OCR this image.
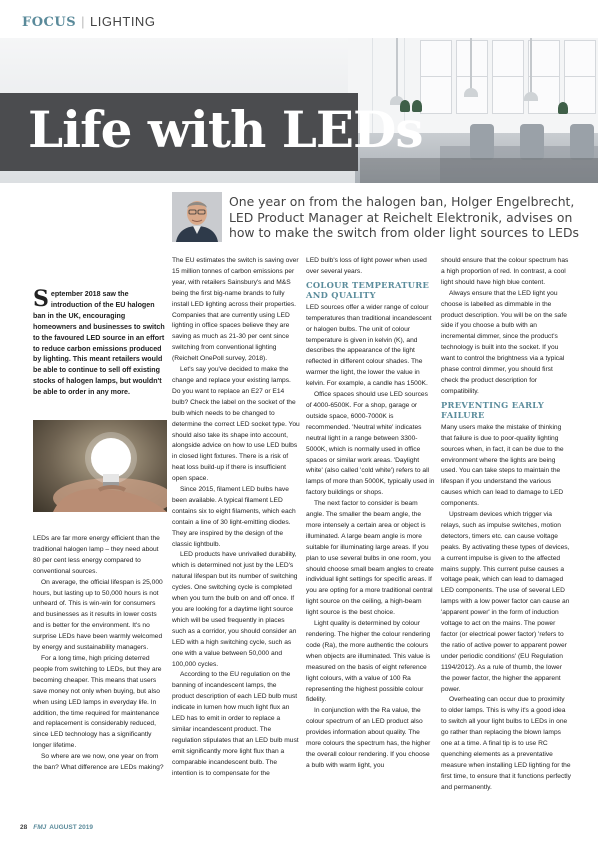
FOCUS | LIGHTING
Life with LEDs
One year on from the halogen ban, Holger Engelbrecht, LED Product Manager at Reichelt Elektronik, advises on how to make the switch from older light sources to LEDs
September 2018 saw the introduction of the EU halogen ban in the UK, encouraging homeowners and businesses to switch to the favoured LED source in an effort to reduce carbon emissions produced by lighting. This meant retailers would be able to continue to sell off existing stocks of halogen lamps, but wouldn't be able to order in any more.

LEDs are far more energy efficient than the traditional halogen lamp – they need about 80 per cent less energy compared to conventional sources.

On average, the official lifespan is 25,000 hours, but lasting up to 50,000 hours is not unheard of. This is win-win for consumers and businesses as it results in lower costs and is better for the environment. It's no surprise LEDs have been warmly welcomed by energy and sustainability managers.

For a long time, high pricing deterred people from switching to LEDs, but they are becoming cheaper. This means that users save money not only when buying, but also when using LED lamps in everyday life. In addition, the time required for maintenance and replacement is considerably reduced, since LED technology has a significantly longer lifetime.

So where are we now, one year on from the ban? What difference are LEDs making?

The EU estimates the switch is saving over 15 million tonnes of carbon emissions per year, with retailers Sainsbury's and M&S being the first big-name brands to fully install LED lighting across their properties. Companies that are currently using LED lighting in office spaces believe they are saving as much as 21-30 per cent since switching from conventional lighting (Reichelt OnePoll survey, 2018).

Let's say you've decided to make the change and replace your existing lamps. Do you want to replace an E27 or E14 bulb? Check the label on the socket of the bulb which needs to be changed to determine the correct LED socket type. You should also take its shape into account, alongside advice on how to use LED bulbs in closed light fixtures. There is a risk of heat loss build-up if there is insufficient open space.

Since 2015, filament LED bulbs have been available. A typical filament LED contains six to eight filaments, which each contain a line of 30 light-emitting diodes. They are inspired by the design of the classic lightbulb.

LED products have unrivalled durability, which is determined not just by the LED's natural lifespan but its number of switching cycles. One switching cycle is completed when you turn the bulb on and off once. If you are looking for a daytime light source which will be used frequently in places such as a corridor, you should consider an LED with a high switching cycle, such as one with a value between 50,000 and 100,000 cycles.

According to the EU regulation on the banning of incandescent lamps, the product description of each LED bulb must indicate in lumen how much light flux an LED has to emit in order to replace a similar incandescent product. The regulation stipulates that an LED bulb must emit significantly more light flux than a comparable incandescent bulb. The intention is to compensate for the

LED bulb's loss of light power when used over several years.

COLOUR TEMPERATURE AND QUALITY

LED sources offer a wider range of colour temperatures than traditional incandescent or halogen bulbs. The unit of colour temperature is given in kelvin (K), and describes the appearance of the light reflected in different colour shades. The warmer the light, the lower the value in kelvin. For example, a candle has 1500K.

Office spaces should use LED sources of 4000-6500K. For a shop, garage or outside space, 6000-7000K is recommended. 'Neutral white' indicates neutral light in a range between 3300-5000K, which is normally used in office spaces or similar work areas. 'Daylight white' (also called 'cold white') refers to all lamps of more than 5000K, typically used in factory buildings or shops.

The next factor to consider is beam angle. The smaller the beam angle, the more intensely a certain area or object is illuminated. A large beam angle is more suitable for illuminating large areas. If you plan to use several bulbs in one room, you should choose small beam angles to create individual light settings for specific areas. If you are opting for a more traditional central light source on the ceiling, a high-beam light source is the best choice.

Light quality is determined by colour rendering. The higher the colour rendering code (Ra), the more authentic the colours when objects are illuminated. This value is measured on the basis of eight reference light colours, with a value of 100 Ra representing the highest possible colour fidelity.

In conjunction with the Ra value, the colour spectrum of an LED product also provides information about quality. The more colours the spectrum has, the higher the overall colour rendering. If you choose a bulb with warm light, you

should ensure that the colour spectrum has a high proportion of red. In contrast, a cool light should have high blue content.

Always ensure that the LED light you choose is labelled as dimmable in the product description. You will be on the safe side if you choose a bulb with an incremental dimmer, since the product's technology is built into the socket. If you want to control the brightness via a typical phase control dimmer, you should first check the product description for compatibility.

PREVENTING EARLY FAILURE

Many users make the mistake of thinking that failure is due to poor-quality lighting sources when, in fact, it can be due to the environment where the lights are being used. You can take steps to maintain the lifespan if you understand the various causes which can lead to damage to LED components.

Upstream devices which trigger via relays, such as impulse switches, motion detectors, timers etc. can cause voltage peaks. By activating these types of devices, a current impulse is given to the affected mains supply. This current pulse causes a voltage peak, which can lead to damaged LED components. The use of several LED lamps with a low power factor can cause an 'apparent power' in the form of induction voltage to act on the mains. The power factor (or electrical power factor) 'refers to the ratio of active power to apparent power under periodic conditions' (EU Regulation 1194/2012). As a rule of thumb, the lower the power factor, the higher the apparent power.

Overheating can occur due to proximity to older lamps. This is why it's a good idea to switch all your light bulbs to LEDs in one go rather than replacing the blown lamps one at a time. A final tip is to use RC quenching elements as a preventative measure when installing LED lighting for the first time, to ensure that it functions perfectly and permanently.

28 FMJ AUGUST 2019
